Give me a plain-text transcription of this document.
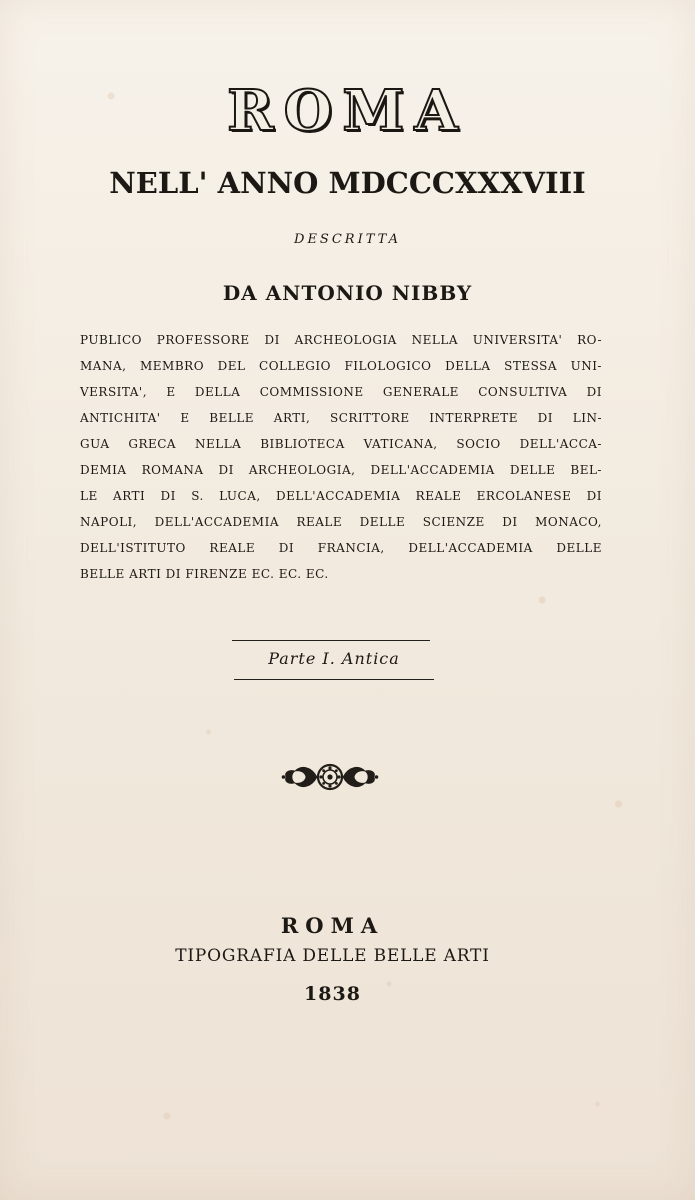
ROMA
NELL' ANNO MDCCCXXXVIII
DESCRITTA
DA ANTONIO NIBBY
PUBLICO PROFESSORE DI ARCHEOLOGIA NELLA UNIVERSITA' RO-
MANA, MEMBRO DEL COLLEGIO FILOLOGICO DELLA STESSA UNI-
VERSITA', E DELLA COMMISSIONE GENERALE CONSULTIVA DI
ANTICHITA' E BELLE ARTI, SCRITTORE INTERPRETE DI LIN-
GUA GRECA NELLA BIBLIOTECA VATICANA, SOCIO DELL'ACCA-
DEMIA ROMANA DI ARCHEOLOGIA, DELL'ACCADEMIA DELLE BEL-
LE ARTI DI S. LUCA, DELL'ACCADEMIA REALE ERCOLANESE DI
NAPOLI, DELL'ACCADEMIA REALE DELLE SCIENZE DI MONACO,
DELL'ISTITUTO REALE DI FRANCIA, DELL'ACCADEMIA DELLE
BELLE ARTI DI FIRENZE EC. EC. EC.
Parte I. Antica
ROMA
TIPOGRAFIA DELLE BELLE ARTI
1838
